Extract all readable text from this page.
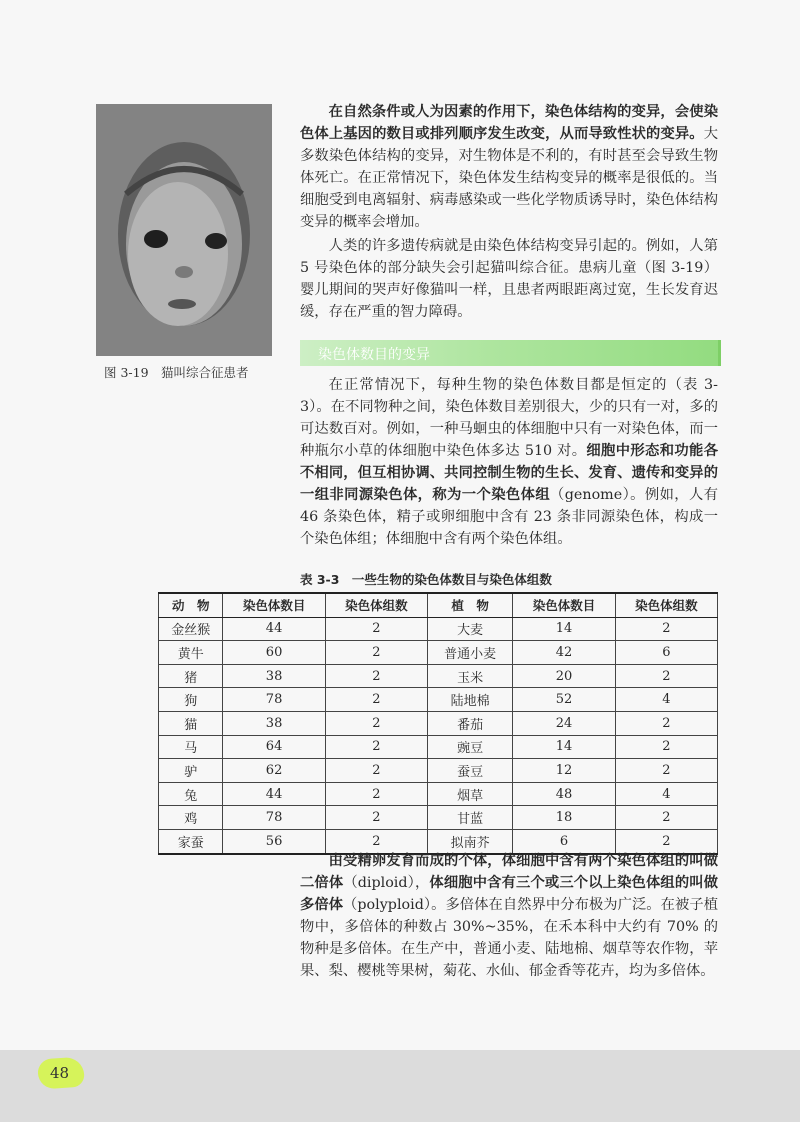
图 3-19　猫叫综合征患者

在自然条件或人为因素的作用下，染色体结构的变异，会使染色体上基因的数目或排列顺序发生改变，从而导致性状的变异。大多数染色体结构的变异，对生物体是不利的，有时甚至会导致生物体死亡。在正常情况下，染色体发生结构变异的概率是很低的。当细胞受到电离辐射、病毒感染或一些化学物质诱导时，染色体结构变异的概率会增加。

人类的许多遗传病就是由染色体结构变异引起的。例如，人第 5 号染色体的部分缺失会引起猫叫综合征。患病儿童（图 3-19）婴儿期间的哭声好像猫叫一样，且患者两眼距离过宽，生长发育迟缓，存在严重的智力障碍。

染色体数目的变异

在正常情况下，每种生物的染色体数目都是恒定的（表 3-3）。在不同物种之间，染色体数目差别很大，少的只有一对，多的可达数百对。例如，一种马蛔虫的体细胞中只有一对染色体，而一种瓶尔小草的体细胞中染色体多达 510 对。细胞中形态和功能各不相同，但互相协调、共同控制生物的生长、发育、遗传和变异的一组非同源染色体，称为一个染色体组（genome）。例如，人有 46 条染色体，精子或卵细胞中含有 23 条非同源染色体，构成一个染色体组；体细胞中含有两个染色体组。

表 3-3　一些生物的染色体数目与染色体组数
动　物	染色体数目	染色体组数	植　物	染色体数目	染色体组数
金丝猴	44	2	大麦	14	2
黄牛	60	2	普通小麦	42	6
猪	38	2	玉米	20	2
狗	78	2	陆地棉	52	4
猫	38	2	番茄	24	2
马	64	2	豌豆	14	2
驴	62	2	蚕豆	12	2
兔	44	2	烟草	48	4
鸡	78	2	甘蓝	18	2
家蚕	56	2	拟南芥	6	2

由受精卵发育而成的个体，体细胞中含有两个染色体组的叫做二倍体（diploid），体细胞中含有三个或三个以上染色体组的叫做多倍体（polyploid）。多倍体在自然界中分布极为广泛。在被子植物中，多倍体的种数占 30%~35%，在禾本科中大约有 70% 的物种是多倍体。在生产中，普通小麦、陆地棉、烟草等农作物，苹果、梨、樱桃等果树，菊花、水仙、郁金香等花卉，均为多倍体。

48
